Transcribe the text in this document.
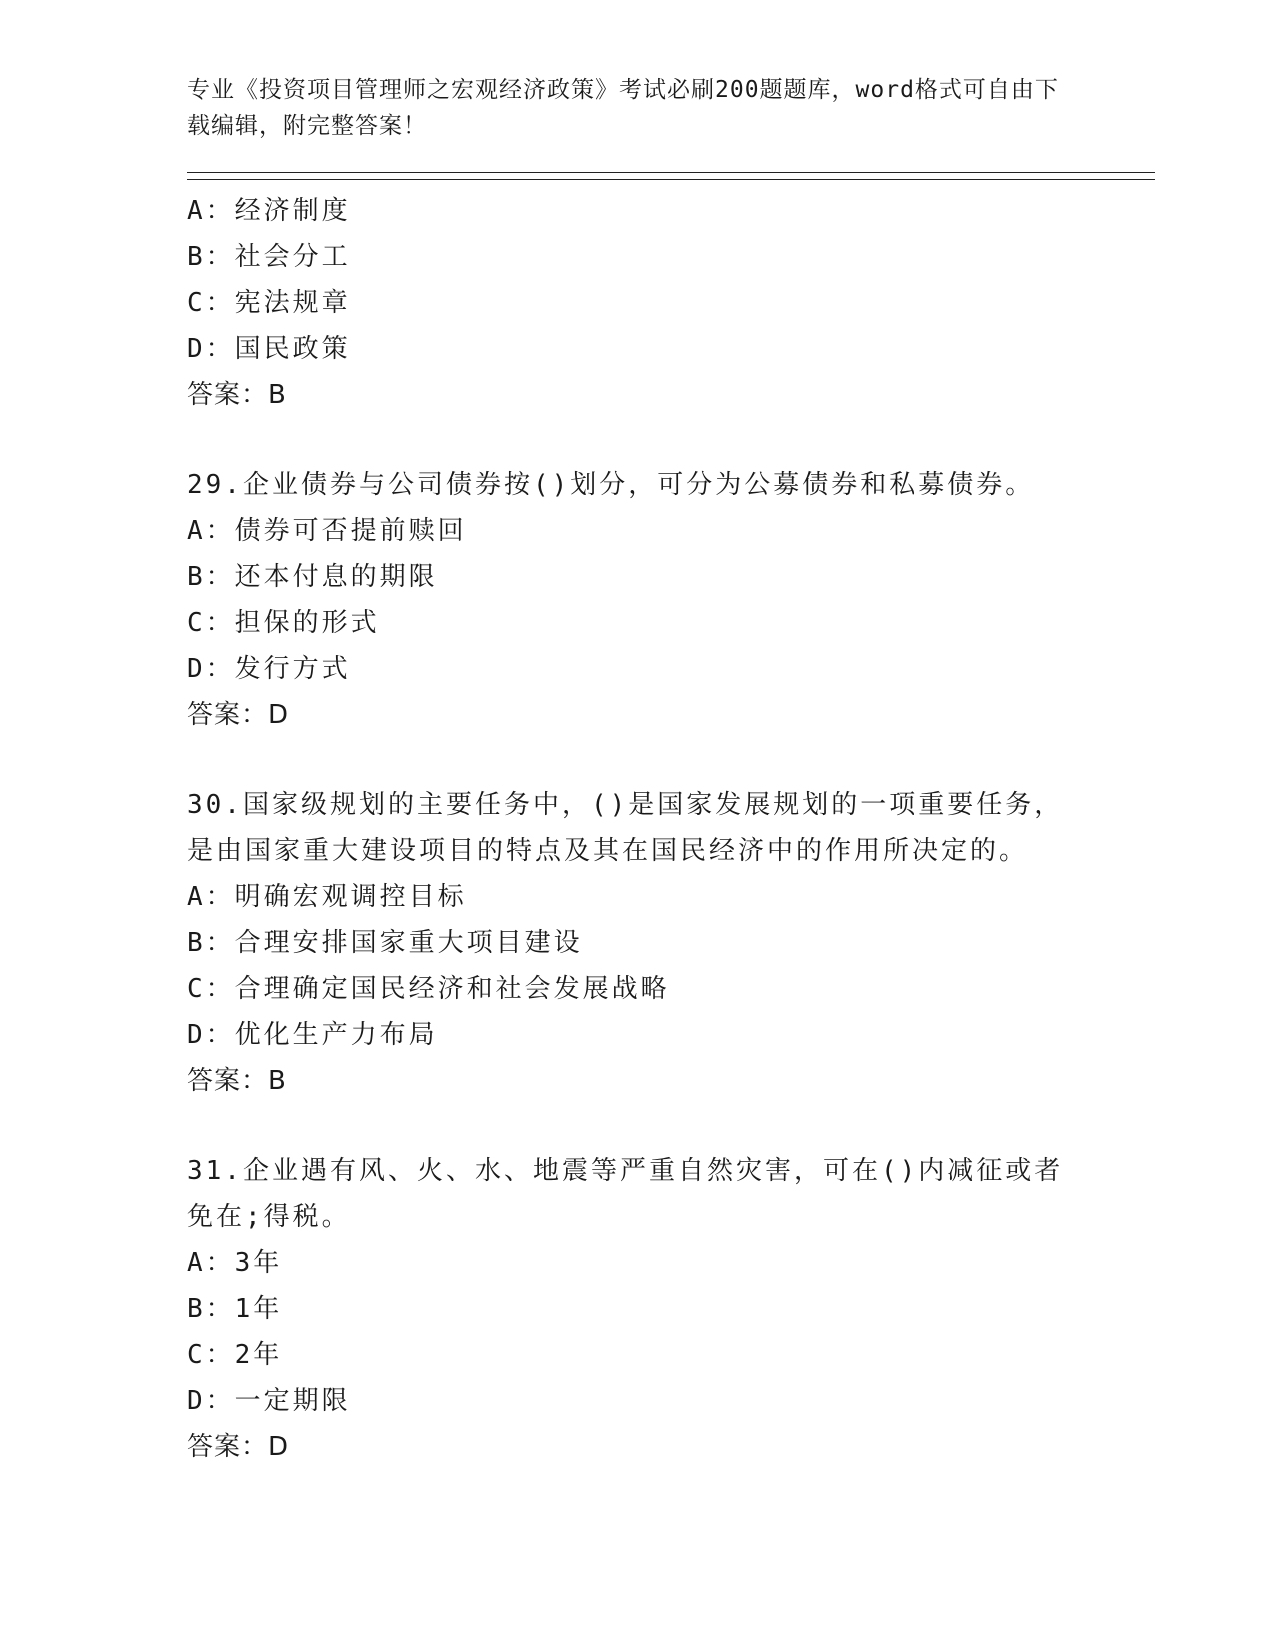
专业《投资项目管理师之宏观经济政策》考试必刷200题题库，word格式可自由下载编辑，附完整答案！

A：经济制度

B：社会分工

C：宪法规章

D：国民政策

答案：B

29.企业债券与公司债券按()划分，可分为公募债券和私募债券。

A：债券可否提前赎回

B：还本付息的期限

C：担保的形式

D：发行方式

答案：D

30.国家级规划的主要任务中，()是国家发展规划的一项重要任务，是由国家重大建设项目的特点及其在国民经济中的作用所决定的。

A：明确宏观调控目标

B：合理安排国家重大项目建设

C：合理确定国民经济和社会发展战略

D：优化生产力布局

答案：B

31.企业遇有风、火、水、地震等严重自然灾害，可在()内减征或者免在;得税。

A：3年

B：1年

C：2年

D：一定期限

答案：D
